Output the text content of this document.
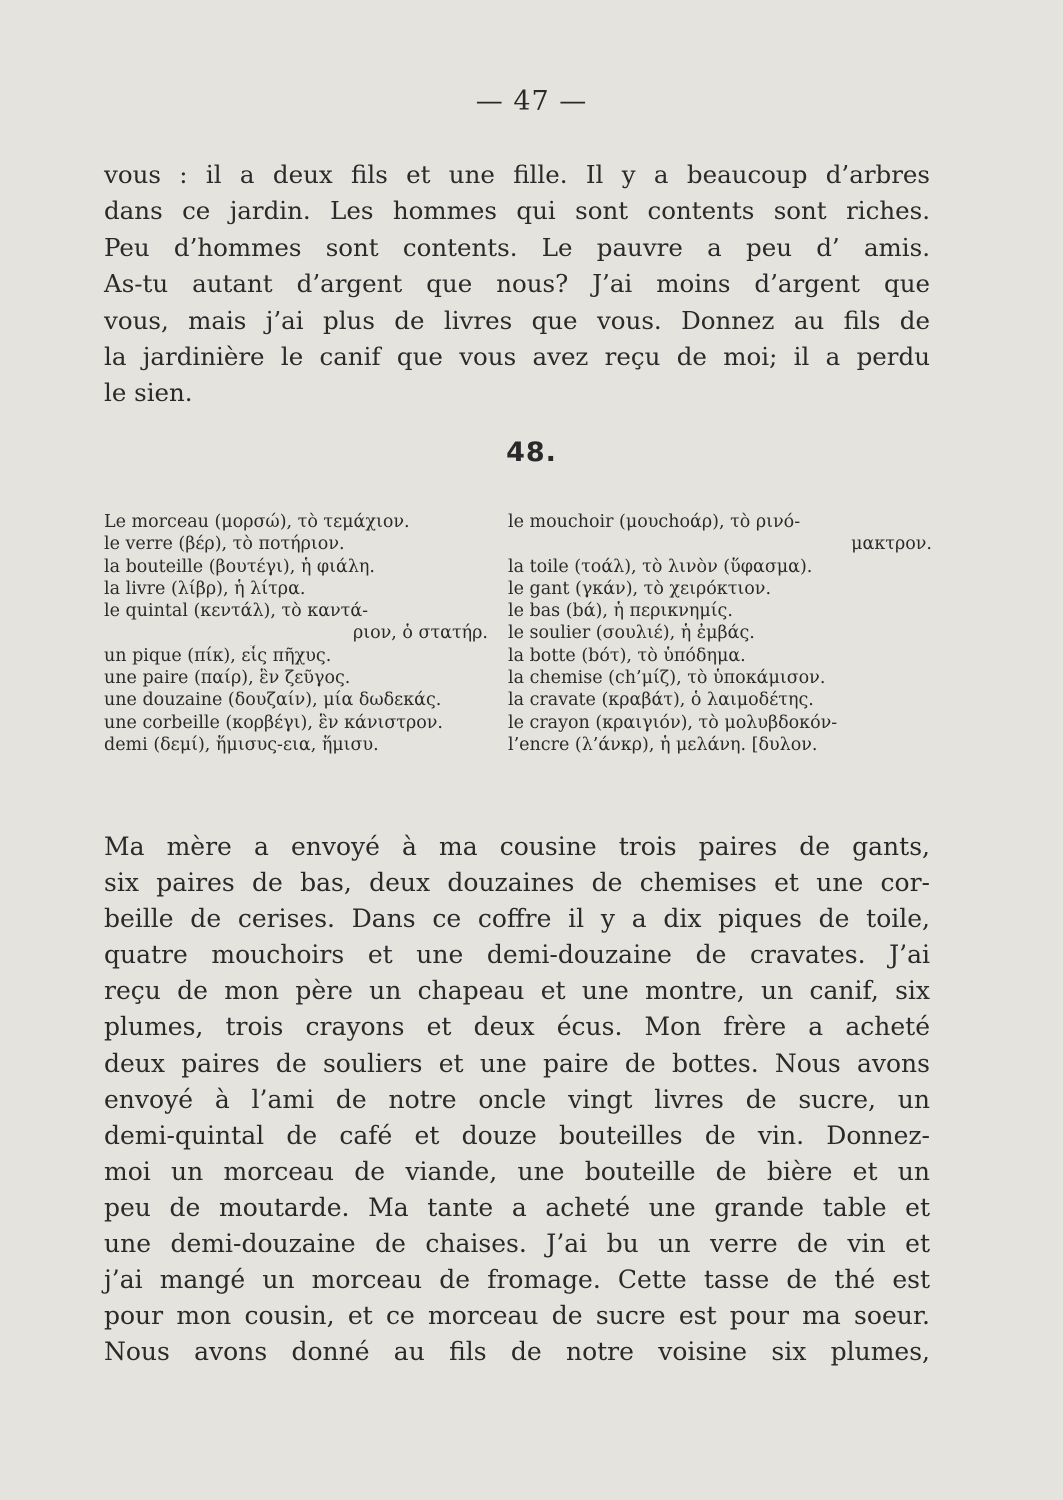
— 47 —
vous : il a deux fils et une fille. Il y a beaucoup d’arbres
dans ce jardin. Les hommes qui sont contents sont riches.
Peu d’hommes sont contents. Le pauvre a peu d’ amis.
As-tu autant d’argent que nous? J’ai moins d’argent que
vous, mais j’ai plus de livres que vous. Donnez au fils de
la jardinière le canif que vous avez reçu de moi; il a perdu
le sien.
48.
Le morceau (μορσώ), τὸ τεμάχιον.
le verre (βέρ), τὸ ποτήριον.
la bouteille (βουτέγι), ἡ φιάλη.
la livre (λίβρ), ἡ λίτρα.
le quintal (κεντάλ), τὸ καντά-
ριον, ὁ στατήρ.
un pique (πίκ), εἷς πῆχυς.
une paire (παίρ), ἓν ζεῦγος.
une douzaine (δουζαίν), μία δωδεκάς.
une corbeille (κορβέγι), ἓν κάνιστρον.
demi (δεμί), ἥμισυς-εια, ἥμισυ.
le mouchoir (μουchοάρ), τὸ ρινό-
μακτρον.
la toile (τοάλ), τὸ λινὸν (ὕφασμα).
le gant (γκάν), τὸ χειρόκτιον.
le bas (bά), ἡ περικνημίς.
le soulier (σουλιέ), ἡ ἐμβάς.
la botte (bότ), τὸ ὑπόδημα.
la chemise (ch’μίζ), τὸ ὑποκάμισον.
la cravate (κραβάτ), ὁ λαιμοδέτης.
le crayon (κραιγιόν), τὸ μολυβδοκόν-
l’encre (λ’άνκρ), ἡ μελάνη. [δυλον.
Ma mère a envoyé à ma cousine trois paires de gants,
six paires de bas, deux douzaines de chemises et une cor-
beille de cerises. Dans ce coffre il y a dix piques de toile,
quatre mouchoirs et une demi-douzaine de cravates. J’ai
reçu de mon père un chapeau et une montre, un canif, six
plumes, trois crayons et deux écus. Mon frère a acheté
deux paires de souliers et une paire de bottes. Nous avons
envoyé à l’ami de notre oncle vingt livres de sucre, un
demi-quintal de café et douze bouteilles de vin. Donnez-
moi un morceau de viande, une bouteille de bière et un
peu de moutarde. Ma tante a acheté une grande table et
une demi-douzaine de chaises. J’ai bu un verre de vin et
j’ai mangé un morceau de fromage. Cette tasse de thé est
pour mon cousin, et ce morceau de sucre est pour ma soeur.
Nous avons donné au fils de notre voisine six plumes,
